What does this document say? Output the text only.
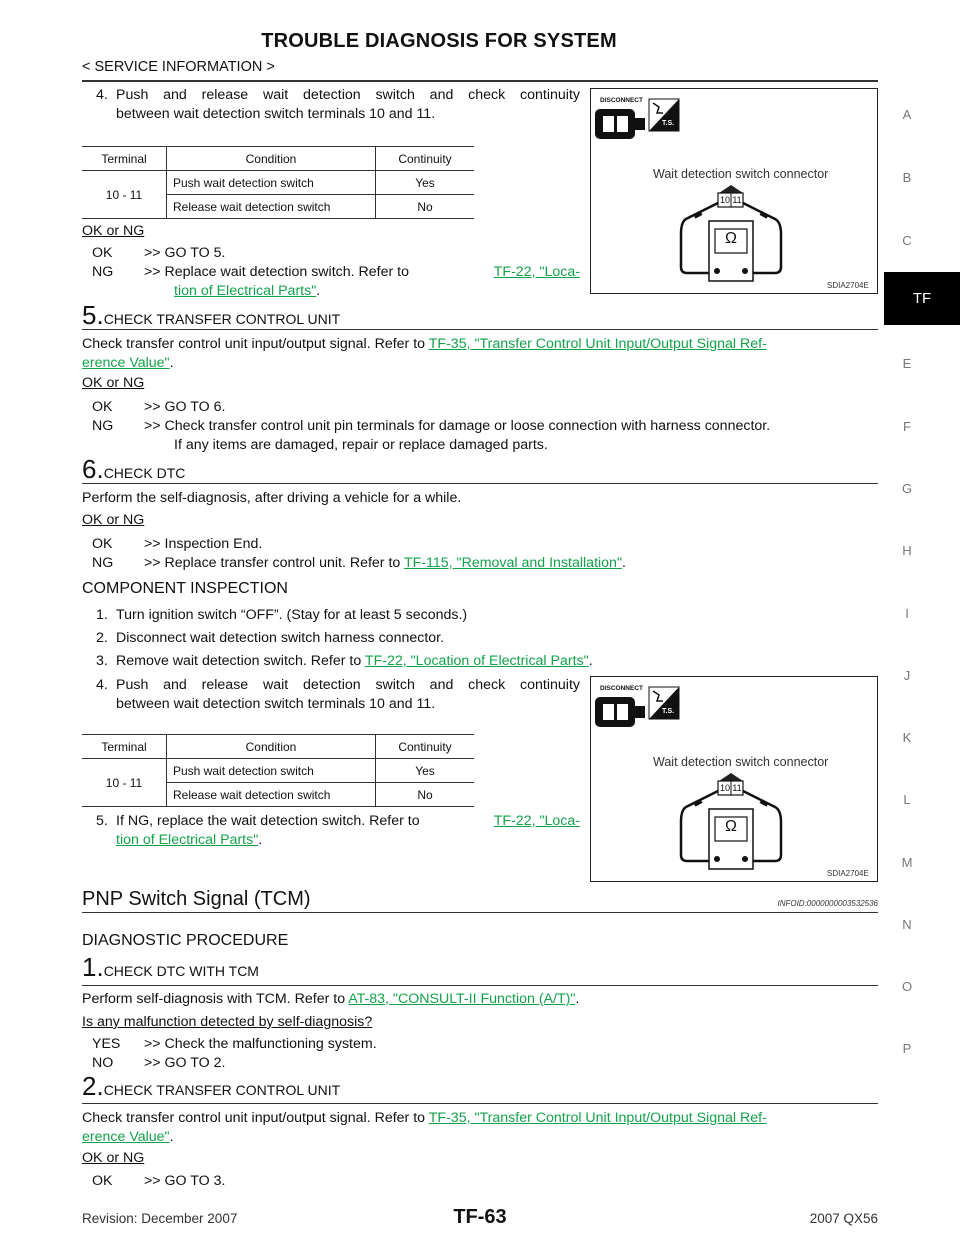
TROUBLE DIAGNOSIS FOR SYSTEM
< SERVICE INFORMATION >
A
B
C
TF
E
F
G
H
I
J
K
L
M
N
O
P
4. Push and release wait detection switch and check continuity
between wait detection switch terminals 10 and 11.
Terminal	Condition	Continuity
10 - 11	Push wait detection switch	Yes
	Release wait detection switch	No
OK or NG
OK >> GO TO 5.
NG >> Replace wait detection switch. Refer to	TF-22, "Loca-
tion of Electrical Parts".
DISCONNECT
T.S.
Wait detection switch connector
10 11
Ω
SDIA2704E
5.CHECK TRANSFER CONTROL UNIT
Check transfer control unit input/output signal. Refer to TF-35, "Transfer Control Unit Input/Output Signal Ref-
erence Value".
OK or NG
OK >> GO TO 6.
NG >> Check transfer control unit pin terminals for damage or loose connection with harness connector.
If any items are damaged, repair or replace damaged parts.
6.CHECK DTC
Perform the self-diagnosis, after driving a vehicle for a while.
OK or NG
OK >> Inspection End.
NG >> Replace transfer control unit. Refer to TF-115, "Removal and Installation".
COMPONENT INSPECTION
1. Turn ignition switch “OFF”. (Stay for at least 5 seconds.)
2. Disconnect wait detection switch harness connector.
3. Remove wait detection switch. Refer to TF-22, "Location of Electrical Parts".
4. Push and release wait detection switch and check continuity
between wait detection switch terminals 10 and 11.
Terminal	Condition	Continuity
10 - 11	Push wait detection switch	Yes
	Release wait detection switch	No
5. If NG, replace the wait detection switch. Refer to	TF-22, "Loca-
tion of Electrical Parts".
DISCONNECT
T.S.
Wait detection switch connector
10 11
Ω
SDIA2704E
PNP Switch Signal (TCM)	INFOID:0000000003532536
DIAGNOSTIC PROCEDURE
1.CHECK DTC WITH TCM
Perform self-diagnosis with TCM. Refer to AT-83, "CONSULT-II Function (A/T)".
Is any malfunction detected by self-diagnosis?
YES >> Check the malfunctioning system.
NO >> GO TO 2.
2.CHECK TRANSFER CONTROL UNIT
Check transfer control unit input/output signal. Refer to TF-35, "Transfer Control Unit Input/Output Signal Ref-
erence Value".
OK or NG
OK >> GO TO 3.
Revision: December 2007	TF-63	2007 QX56
